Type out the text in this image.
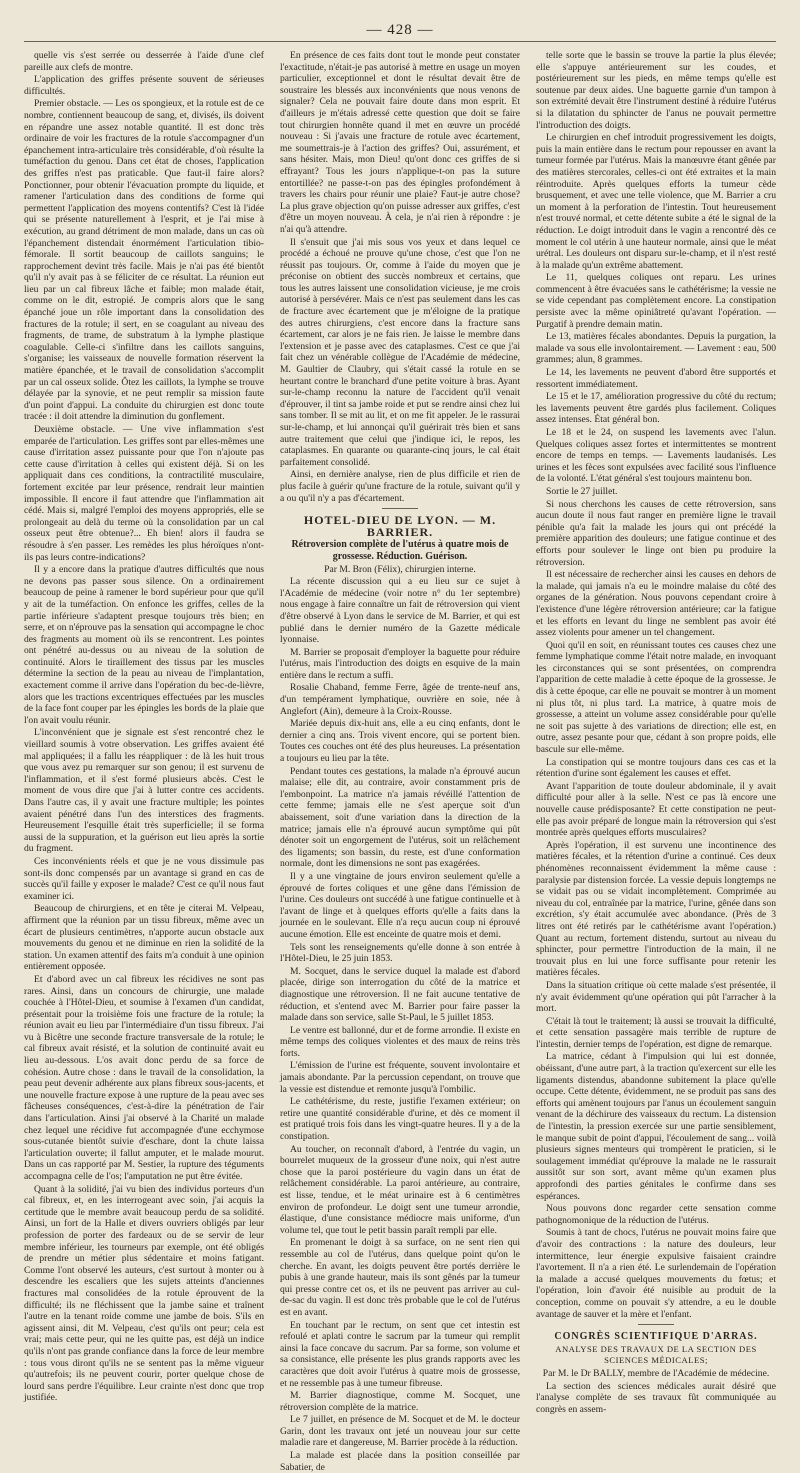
— 428 —

quelle vis s'est serrée ou desserrée à l'aide d'une clef pareille aux clefs de montre.

L'application des griffes présente souvent de sérieuses difficultés.

Premier obstacle. — Les os spongieux, et la rotule est de ce nombre, contiennent beaucoup de sang, et, divisés, ils doivent en répandre une assez notable quantité. Il est donc très ordinaire de voir les fractures de la rotule s'accompagner d'un épanchement intra-articulaire très considérable, d'où résulte la tuméfaction du genou. Dans cet état de choses, l'application des griffes n'est pas praticable. Que faut-il faire alors? Ponctionner, pour obtenir l'évacuation prompte du liquide, et ramener l'articulation dans des conditions de forme qui permettent l'application des moyens contentifs? C'est là l'idée qui se présente naturellement à l'esprit, et je l'ai mise à exécution, au grand détriment de mon malade, dans un cas où l'épanchement distendait énormément l'articulation tibio-fémorale. Il sortit beaucoup de caillots sanguins; le rapprochement devint très facile. Mais je n'ai pas été bientôt qu'il n'y avait pas à se féliciter de ce résultat. La réunion eut lieu par un cal fibreux lâche et faible; mon malade était, comme on le dit, estropié. Je compris alors que le sang épanché joue un rôle important dans la consolidation des fractures de la rotule; il sert, en se coagulant au niveau des fragments, de trame, de substratum à la lymphe plastique coagulable. Celle-ci s'infiltre dans les caillots sanguins, s'organise; les vaisseaux de nouvelle formation réservent la matière épanchée, et le travail de consolidation s'accomplit par un cal osseux solide. Ôtez les caillots, la lymphe se trouve délayée par la synovie, et ne peut remplir sa mission faute d'un point d'appui. La conduite du chirurgien est donc toute tracée : il doit attendre la diminution du gonflement.

Deuxième obstacle. — Une vive inflammation s'est emparée de l'articulation. Les griffes sont par elles-mêmes une cause d'irritation assez puissante pour que l'on n'ajoute pas cette cause d'irritation à celles qui existent déjà. Si on les appliquait dans ces conditions, la contractilité musculaire, fortement excitée par leur présence, rendrait leur maintien impossible. Il encore il faut attendre que l'inflammation ait cédé. Mais si, malgré l'emploi des moyens appropriés, elle se prolongeait au delà du terme où la consolidation par un cal osseux peut être obtenue?... Eh bien! alors il faudra se résoudre à s'en passer. Les remèdes les plus héroïques n'ont-ils pas leurs contre-indications?

Il y a encore dans la pratique d'autres difficultés que nous ne devons pas passer sous silence. On a ordinairement beaucoup de peine à ramener le bord supérieur pour que qu'il y ait de la tuméfaction. On enfonce les griffes, celles de la partie inférieure s'adaptent presque toujours très bien; en serre, et on n'éprouve pas la sensation qui accompagne le choc des fragments au moment où ils se rencontrent. Les pointes ont pénétré au-dessus ou au niveau de la solution de continuité. Alors le tiraillement des tissus par les muscles détermine la section de la peau au niveau de l'implantation, exactement comme il arrive dans l'opération du bec-de-lièvre, alors que les tractions excentriques effectuées par les muscles de la face font couper par les épingles les bords de la plaie que l'on avait voulu réunir.

L'inconvénient que je signale est s'est rencontré chez le vieillard soumis à votre observation. Les griffes avaient été mal appliquées; il a fallu les réappliquer : de là les huit trous que vous avez pu remarquer sur son genou; il est survenu de l'inflammation, et il s'est formé plusieurs abcès. C'est le moment de vous dire que j'ai à lutter contre ces accidents. Dans l'autre cas, il y avait une fracture multiple; les pointes avaient pénétré dans l'un des interstices des fragments. Heureusement l'esquille était très superficielle; il se forma aussi de la suppuration, et la guérison eut lieu après la sortie du fragment.

Ces inconvénients réels et que je ne vous dissimule pas sont-ils donc compensés par un avantage si grand en cas de succès qu'il faille y exposer le malade? C'est ce qu'il nous faut examiner ici.

Beaucoup de chirurgiens, et en tête je citerai M. Velpeau, affirment que la réunion par un tissu fibreux, même avec un écart de plusieurs centimètres, n'apporte aucun obstacle aux mouvements du genou et ne diminue en rien la solidité de la station. Un examen attentif des faits m'a conduit à une opinion entièrement opposée.

Et d'abord avec un cal fibreux les récidives ne sont pas rares. Ainsi, dans un concours de chirurgie, une malade couchée à l'Hôtel-Dieu, et soumise à l'examen d'un candidat, présentait pour la troisième fois une fracture de la rotule; la réunion avait eu lieu par l'intermédiaire d'un tissu fibreux. J'ai vu à Bicêtre une seconde fracture transversale de la rotule; le cal fibreux avait résisté, et la solution de continuité avait eu lieu au-dessous. L'os avait donc perdu de sa force de cohésion. Autre chose : dans le travail de la consolidation, la peau peut devenir adhérente aux plans fibreux sous-jacents, et une nouvelle fracture expose à une rupture de la peau avec ses fâcheuses conséquences, c'est-à-dire la pénétration de l'air dans l'articulation. Ainsi j'ai observé à la Charité un malade chez lequel une récidive fut accompagnée d'une ecchymose sous-cutanée bientôt suivie d'eschare, dont la chute laissa l'articulation ouverte; il fallut amputer, et le malade mourut. Dans un cas rapporté par M. Sestier, la rupture des téguments accompagna celle de l'os; l'amputation ne put être évitée.

Quant à la solidité, j'ai vu bien des individus porteurs d'un cal fibreux, et, en les interrogeant avec soin, j'ai acquis la certitude que le membre avait beaucoup perdu de sa solidité. Ainsi, un fort de la Halle et divers ouvriers obligés par leur profession de porter des fardeaux ou de se servir de leur membre inférieur, les tourneurs par exemple, ont été obligés de prendre un métier plus sédentaire et moins fatigant. Comme l'ont observé les auteurs, c'est surtout à monter ou à descendre les escaliers que les sujets atteints d'anciennes fractures mal consolidées de la rotule éprouvent de la difficulté; ils ne fléchissent que la jambe saine et traînent l'autre en la tenant roide comme une jambe de bois. S'ils en agissent ainsi, dit M. Velpeau, c'est qu'ils ont peur; cela est vrai; mais cette peur, qui ne les quitte pas, est déjà un indice qu'ils n'ont pas grande confiance dans la force de leur membre : tous vous diront qu'ils ne se sentent pas la même vigueur qu'autrefois; ils ne peuvent courir, porter quelque chose de lourd sans perdre l'équilibre. Leur crainte n'est donc que trop justifiée.

En présence de ces faits dont tout le monde peut constater l'exactitude, n'était-je pas autorisé à mettre en usage un moyen particulier, exceptionnel et dont le résultat devait être de soustraire les blessés aux inconvénients que nous venons de signaler? Cela ne pouvait faire doute dans mon esprit. Et d'ailleurs je m'étais adressé cette question que doit se faire tout chirurgien honnête quand il met en œuvre un procédé nouveau : Si j'avais une fracture de rotule avec écartement, me soumettrais-je à l'action des griffes? Oui, assurément, et sans hésiter. Mais, mon Dieu! qu'ont donc ces griffes de si effrayant? Tous les jours n'applique-t-on pas la suture entortillée? ne passe-t-on pas des épingles profondément à travers les chairs pour réunir une plaie? Faut-je autre chose? La plus grave objection qu'on puisse adresser aux griffes, c'est d'être un moyen nouveau. À cela, je n'ai rien à répondre : je n'ai qu'à attendre.

Il s'ensuit que j'ai mis sous vos yeux et dans lequel ce procédé a échoué ne prouve qu'une chose, c'est que l'on ne réussit pas toujours. Or, comme à l'aide du moyen que je préconise on obtient des succès nombreux et certains, que tous les autres laissent une consolidation vicieuse, je me crois autorisé à persévérer. Mais ce n'est pas seulement dans les cas de fracture avec écartement que je m'éloigne de la pratique des autres chirurgiens, c'est encore dans la fracture sans écartement, car alors je ne fais rien. Je laisse le membre dans l'extension et je passe avec des cataplasmes. C'est ce que j'ai fait chez un vénérable collègue de l'Académie de médecine, M. Gaultier de Claubry, qui s'était cassé la rotule en se heurtant contre le branchard d'une petite voiture à bras. Ayant sur-le-champ reconnu la nature de l'accident qu'il venait d'éprouver, il tint sa jambe roide et put se rendre ainsi chez lui sans tomber. Il se mit au lit, et on me fit appeler. Je le rassurai sur-le-champ, et lui annonçai qu'il guérirait très bien et sans autre traitement que celui que j'indique ici, le repos, les cataplasmes. En quarante ou quarante-cinq jours, le cal était parfaitement consolidé.

Ainsi, en dernière analyse, rien de plus difficile et rien de plus facile à guérir qu'une fracture de la rotule, suivant qu'il y a ou qu'il n'y a pas d'écartement.

HOTEL-DIEU DE LYON. — M. BARRIER.

Rétroversion complète de l'utérus à quatre mois de grossesse. Réduction. Guérison.

Par M. Bron (Félix), chirurgien interne.

La récente discussion qui a eu lieu sur ce sujet à l'Académie de médecine (voir notre n° du 1er septembre) nous engage à faire connaître un fait de rétroversion qui vient d'être observé à Lyon dans le service de M. Barrier, et qui est publié dans le dernier numéro de la Gazette médicale lyonnaise.

M. Barrier se proposait d'employer la baguette pour réduire l'utérus, mais l'introduction des doigts en esquive de la main entière dans le rectum a suffi.

Rosalie Chaband, femme Ferre, âgée de trente-neuf ans, d'un tempérament lymphatique, ouvrière en soie, née à Anglefort (Ain), demeure à la Croix-Rousse.

Mariée depuis dix-huit ans, elle a eu cinq enfants, dont le dernier a cinq ans. Trois vivent encore, qui se portent bien. Toutes ces couches ont été des plus heureuses. La présentation a toujours eu lieu par la tête.

Pendant toutes ces gestations, la malade n'a éprouvé aucun malaise; elle dit, au contraire, avoir constamment pris de l'embonpoint. La matrice n'a jamais révéillé l'attention de cette femme; jamais elle ne s'est aperçue soit d'un abaissement, soit d'une variation dans la direction de la matrice; jamais elle n'a éprouvé aucun symptôme qui pût dénoter soit un engorgement de l'utérus, soit un relâchement des ligaments; son bassin, du reste, est d'une conformation normale, dont les dimensions ne sont pas exagérées.

Il y a une vingtaine de jours environ seulement qu'elle a éprouvé de fortes coliques et une gêne dans l'émission de l'urine. Ces douleurs ont succédé à une fatigue continuelle et à l'avant de linge et à quelques efforts qu'elle a faits dans la journée en le soulevant. Elle n'a reçu aucun coup ni éprouvé aucune émotion. Elle est enceinte de quatre mois et demi.

Tels sont les renseignements qu'elle donne à son entrée à l'Hôtel-Dieu, le 25 juin 1853.

M. Socquet, dans le service duquel la malade est d'abord placée, dirige son interrogation du côté de la matrice et diagnostique une rétroversion. Il ne fait aucune tentative de réduction, et s'entend avec M. Barrier pour faire passer la malade dans son service, salle St-Paul, le 5 juillet 1853.

Le ventre est ballonné, dur et de forme arrondie. Il existe en même temps des coliques violentes et des maux de reins très forts.

L'émission de l'urine est fréquente, souvent involontaire et jamais abondante. Par la percussion cependant, on trouve que la vessie est distendue et remonte jusqu'à l'ombilic.

Le cathétérisme, du reste, justifie l'examen extérieur; on retire une quantité considérable d'urine, et dès ce moment il est pratiqué trois fois dans les vingt-quatre heures. Il y a de la constipation.

Au toucher, on reconnaît d'abord, à l'entrée du vagin, un bourrelet muqueux de la grosseur d'une noix, qui n'est autre chose que la paroi postérieure du vagin dans un état de relâchement considérable. La paroi antérieure, au contraire, est lisse, tendue, et le méat urinaire est à 6 centimètres environ de profondeur. Le doigt sent une tumeur arrondie, élastique, d'une consistance médiocre mais uniforme, d'un volume tel, que tout le petit bassin paraît rempli par elle.

En promenant le doigt à sa surface, on ne sent rien qui ressemble au col de l'utérus, dans quelque point qu'on le cherche. En avant, les doigts peuvent être portés derrière le pubis à une grande hauteur, mais ils sont gênés par la tumeur qui presse contre cet os, et ils ne peuvent pas arriver au cul-de-sac du vagin. Il est donc très probable que le col de l'utérus est en avant.

En touchant par le rectum, on sent que cet intestin est refoulé et aplati contre le sacrum par la tumeur qui remplit ainsi la face concave du sacrum. Par sa forme, son volume et sa consistance, elle présente les plus grands rapports avec les caractères que doit avoir l'utérus à quatre mois de grossesse, et ne ressemble pas à une tumeur fibreuse.

M. Barrier diagnostique, comme M. Socquet, une rétroversion complète de la matrice.

Le 7 juillet, en présence de M. Socquet et de M. le docteur Garin, dont les travaux ont jeté un nouveau jour sur cette maladie rare et dangereuse, M. Barrier procède à la réduction.

La malade est placée dans la position conseillée par Sabatier, de

telle sorte que le bassin se trouve la partie la plus élevée; elle s'appuye antérieurement sur les coudes, et postérieurement sur les pieds, en même temps qu'elle est soutenue par deux aides. Une baguette garnie d'un tampon à son extrémité devait être l'instrument destiné à réduire l'utérus si la dilatation du sphincter de l'anus ne pouvait permettre l'introduction des doigts.

Le chirurgien en chef introduit progressivement les doigts, puis la main entière dans le rectum pour repousser en avant la tumeur formée par l'utérus. Mais la manœuvre étant gênée par des matières stercorales, celles-ci ont été extraites et la main réintroduite. Après quelques efforts la tumeur cède brusquement, et avec une telle violence, que M. Barrier a cru un moment à la perforation de l'intestin. Tout heureusement n'est trouvé normal, et cette détente subite a été le signal de la réduction. Le doigt introduit dans le vagin a rencontré dès ce moment le col utérin à une hauteur normale, ainsi que le méat urétral. Les douleurs ont disparu sur-le-champ, et il n'est resté à la malade qu'un extrême abattement.

Le 11, quelques coliques ont reparu. Les urines commencent à être évacuées sans le cathétérisme; la vessie ne se vide cependant pas complètement encore. La constipation persiste avec la même opiniâtreté qu'avant l'opération. — Purgatif à prendre demain matin.

Le 13, matières fécales abondantes. Depuis la purgation, la malade va sous elle involontairement. — Lavement : eau, 500 grammes; alun, 8 grammes.

Le 14, les lavements ne peuvent d'abord être supportés et ressortent immédiatement.

Le 15 et le 17, amélioration progressive du côté du rectum; les lavements peuvent être gardés plus facilement. Coliques assez intenses. État général bon.

Le 18 et le 24, on suspend les lavements avec l'alun. Quelques coliques assez fortes et intermittentes se montrent encore de temps en temps. — Lavements laudanisés. Les urines et les fèces sont expulsées avec facilité sous l'influence de la volonté. L'état général s'est toujours maintenu bon.

Sortie le 27 juillet.

Si nous cherchons les causes de cette rétroversion, sans aucun doute il nous faut ranger en première ligne le travail pénible qu'a fait la malade les jours qui ont précédé la première apparition des douleurs; une fatigue continue et des efforts pour soulever le linge ont bien pu produire la rétroversion.

Il est nécessaire de rechercher ainsi les causes en dehors de la malade, qui jamais n'a eu le moindre malaise du côté des organes de la génération. Nous pouvons cependant croire à l'existence d'une légère rétroversion antérieure; car la fatigue et les efforts en levant du linge ne semblent pas avoir été assez violents pour amener un tel changement.

Quoi qu'il en soit, en réunissant toutes ces causes chez une femme lymphatique comme l'était notre malade, en invoquant les circonstances qui se sont présentées, on comprendra l'apparition de cette maladie à cette époque de la grossesse. Je dis à cette époque, car elle ne pouvait se montrer à un moment ni plus tôt, ni plus tard. La matrice, à quatre mois de grossesse, a atteint un volume assez considérable pour qu'elle ne soit pas sujette à des variations de direction; elle est, en outre, assez pesante pour que, cédant à son propre poids, elle bascule sur elle-même.

La constipation qui se montre toujours dans ces cas et la rétention d'urine sont également les causes et effet.

Avant l'apparition de toute douleur abdominale, il y avait difficulté pour aller à la selle. N'est ce pas là encore une nouvelle cause prédisposante? Et cette constipation ne peut-elle pas avoir préparé de longue main la rétroversion qui s'est montrée après quelques efforts musculaires?

Après l'opération, il est survenu une incontinence des matières fécales, et la rétention d'urine a continué. Ces deux phénomènes reconnaissent évidemment la même cause : paralysie par distension forcée. La vessie depuis longtemps ne se vidait pas ou se vidait incomplètement. Comprimée au niveau du col, entraînée par la matrice, l'urine, gênée dans son excrétion, s'y était accumulée avec abondance. (Près de 3 litres ont été retirés par le cathétérisme avant l'opération.) Quant au rectum, fortement distendu, surtout au niveau du sphincter, pour permettre l'introduction de la main, il ne trouvait plus en lui une force suffisante pour retenir les matières fécales.

Dans la situation critique où cette malade s'est présentée, il n'y avait évidemment qu'une opération qui pût l'arracher à la mort.

C'était là tout le traitement; là aussi se trouvait la difficulté, et cette sensation passagère mais terrible de rupture de l'intestin, dernier temps de l'opération, est digne de remarque.

La matrice, cédant à l'impulsion qui lui est donnée, obéissant, d'une autre part, à la traction qu'exercent sur elle les ligaments distendus, abandonne subitement la place qu'elle occupe. Cette détente, évidemment, ne se produit pas sans des efforts qui amènent toujours par l'anus un écoulement sanguin venant de la déchirure des vaisseaux du rectum. La distension de l'intestin, la pression exercée sur une partie sensiblement, le manque subit de point d'appui, l'écoulement de sang... voilà plusieurs signes menteurs qui trompèrent le praticien, si le soulagement immédiat qu'éprouve la malade ne le rassurait aussitôt sur son sort, avant même qu'un examen plus approfondi des parties génitales le confirme dans ses espérances.

Nous pouvons donc regarder cette sensation comme pathognomonique de la réduction de l'utérus.

Soumis à tant de chocs, l'utérus ne pouvait moins faire que d'avoir des contractions : la nature des douleurs, leur intermittence, leur énergie expulsive faisaient craindre l'avortement. Il n'a a rien été. Le surlendemain de l'opération la malade a accusé quelques mouvements du fœtus; et l'opération, loin d'avoir été nuisible au produit de la conception, comme on pouvait s'y attendre, a eu le double avantage de sauver et la mère et l'enfant.

CONGRÈS SCIENTIFIQUE D'ARRAS.

ANALYSE DES TRAVAUX DE LA SECTION DES SCIENCES MÉDICALES;

Par M. le Dr BALLY, membre de l'Académie de médecine.

La section des sciences médicales aurait désiré que l'analyse complète de ses travaux fût communiquée au congrès en assem-
